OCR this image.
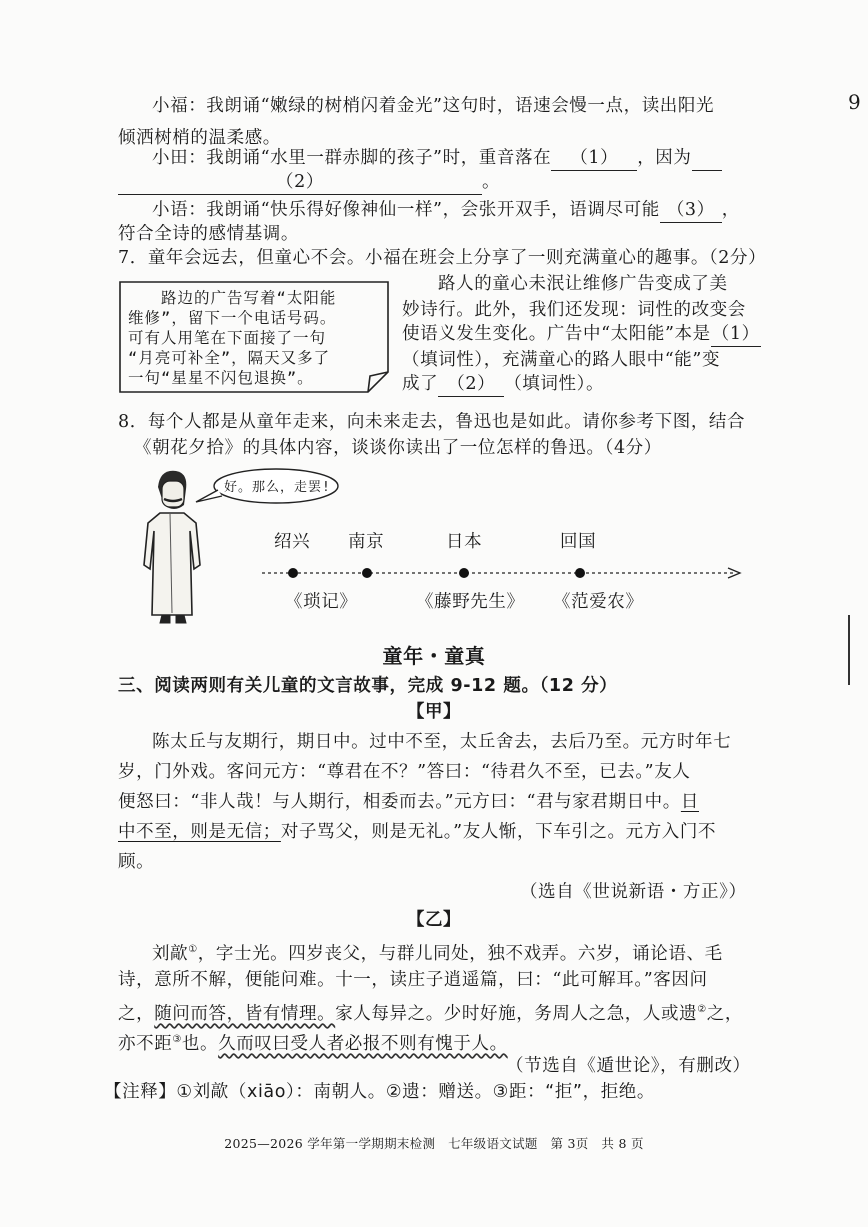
9
小福：我朗诵“嫩绿的树梢闪着金光”这句时，语速会慢一点，读出阳光
倾洒树梢的温柔感。
小田：我朗诵“水里一群赤脚的孩子”时，重音落在 （1） ，因为
（2）	。
小语：我朗诵“快乐得好像神仙一样”，会张开双手，语调尽可能 （3） ，
符合全诗的感情基调。
7．童年会远去，但童心不会。小福在班会上分享了一则充满童心的趣事。（2分）
　　路边的广告写着“太阳能
维修”，留下一个电话号码。
可有人用笔在下面接了一句
“月亮可补全”，隔天又多了
一句“星星不闪包退换”。
路人的童心未泯让维修广告变成了美
妙诗行。此外，我们还发现：词性的改变会
使语义发生变化。广告中“太阳能”本是（1）
（填词性），充满童心的路人眼中“能”变
成了 （2） （填词性）。
8．每个人都是从童年走来，向未来走去，鲁迅也是如此。请你参考下图，结合
《朝花夕拾》的具体内容，谈谈你读出了一位怎样的鲁迅。（4分）
好。那么，走罢!
绍兴 南京	日本	回国
《琐记》	《藤野先生》 《范爱农》
童年・童真
三、阅读两则有关儿童的文言故事，完成 9-12 题。（12 分）
【甲】
陈太丘与友期行，期日中。过中不至，太丘舍去，去后乃至。元方时年七
岁，门外戏。客问元方：“尊君在不？”答曰：“待君久不至，已去。”友人
便怒曰：“非人哉！与人期行，相委而去。”元方曰：“君与家君期日中。日
中不至，则是无信；对子骂父，则是无礼。”友人惭，下车引之。元方入门不
顾。
（选自《世说新语・方正》）
【乙】
刘歊①，字士光。四岁丧父，与群儿同处，独不戏弄。六岁，诵论语、毛
诗，意所不解，便能问难。十一，读庄子逍遥篇，曰：“此可解耳。”客因问
之，随问而答，皆有情理。家人每异之。少时好施，务周人之急，人或遗②之，
亦不距③也。久而叹曰受人者必报不则有愧于人。
（节选自《遁世论》，有删改）
【注释】①刘歊（xiāo）：南朝人。②遗：赠送。③距：“拒”，拒绝。
2025—2026 学年第一学期期末检测　七年级语文试题　第 3页　共 8 页
